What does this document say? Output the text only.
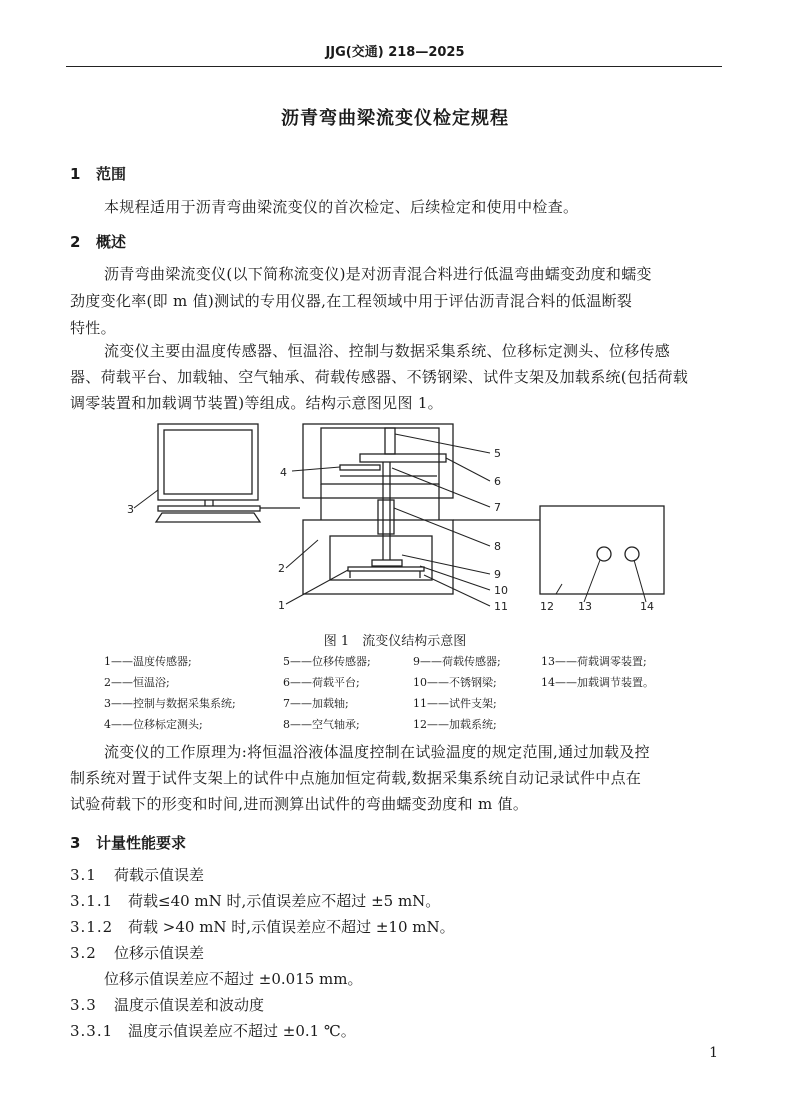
JJG(交通) 218—2025
沥青弯曲梁流变仪检定规程
1 范围
本规程适用于沥青弯曲梁流变仪的首次检定、后续检定和使用中检查。
2 概述
沥青弯曲梁流变仪(以下简称流变仪)是对沥青混合料进行低温弯曲蠕变劲度和蠕变
劲度变化率(即 m 值)测试的专用仪器,在工程领域中用于评估沥青混合料的低温断裂
特性。
流变仪主要由温度传感器、恒温浴、控制与数据采集系统、位移标定测头、位移传感
器、荷载平台、加载轴、空气轴承、荷载传感器、不锈钢梁、试件支架及加载系统(包括荷载
调零装置和加载调节装置)等组成。结构示意图见图 1。
3
2
1
4
5
6
7
8
9
10
11	12 13	14
图 1　流变仪结构示意图
1——温度传感器;	5——位移传感器;	9——荷载传感器;	13——荷载调零装置;
2——恒温浴;	6——荷载平台;	10——不锈钢梁;	14——加载调节装置。
3——控制与数据采集系统;	7——加载轴;	11——试件支架;
4——位移标定测头;	8——空气轴承;	12——加载系统;
流变仪的工作原理为:将恒温浴液体温度控制在试验温度的规定范围,通过加载及控
制系统对置于试件支架上的试件中点施加恒定荷载,数据采集系统自动记录试件中点在
试验荷载下的形变和时间,进而测算出试件的弯曲蠕变劲度和 m 值。
3 计量性能要求
3.1 荷载示值误差
3.1.1 荷载≤40 mN 时,示值误差应不超过 ±5 mN。
3.1.2 荷载 >40 mN 时,示值误差应不超过 ±10 mN。
3.2 位移示值误差
位移示值误差应不超过 ±0.015 mm。
3.3 温度示值误差和波动度
3.3.1 温度示值误差应不超过 ±0.1 ℃。
1
